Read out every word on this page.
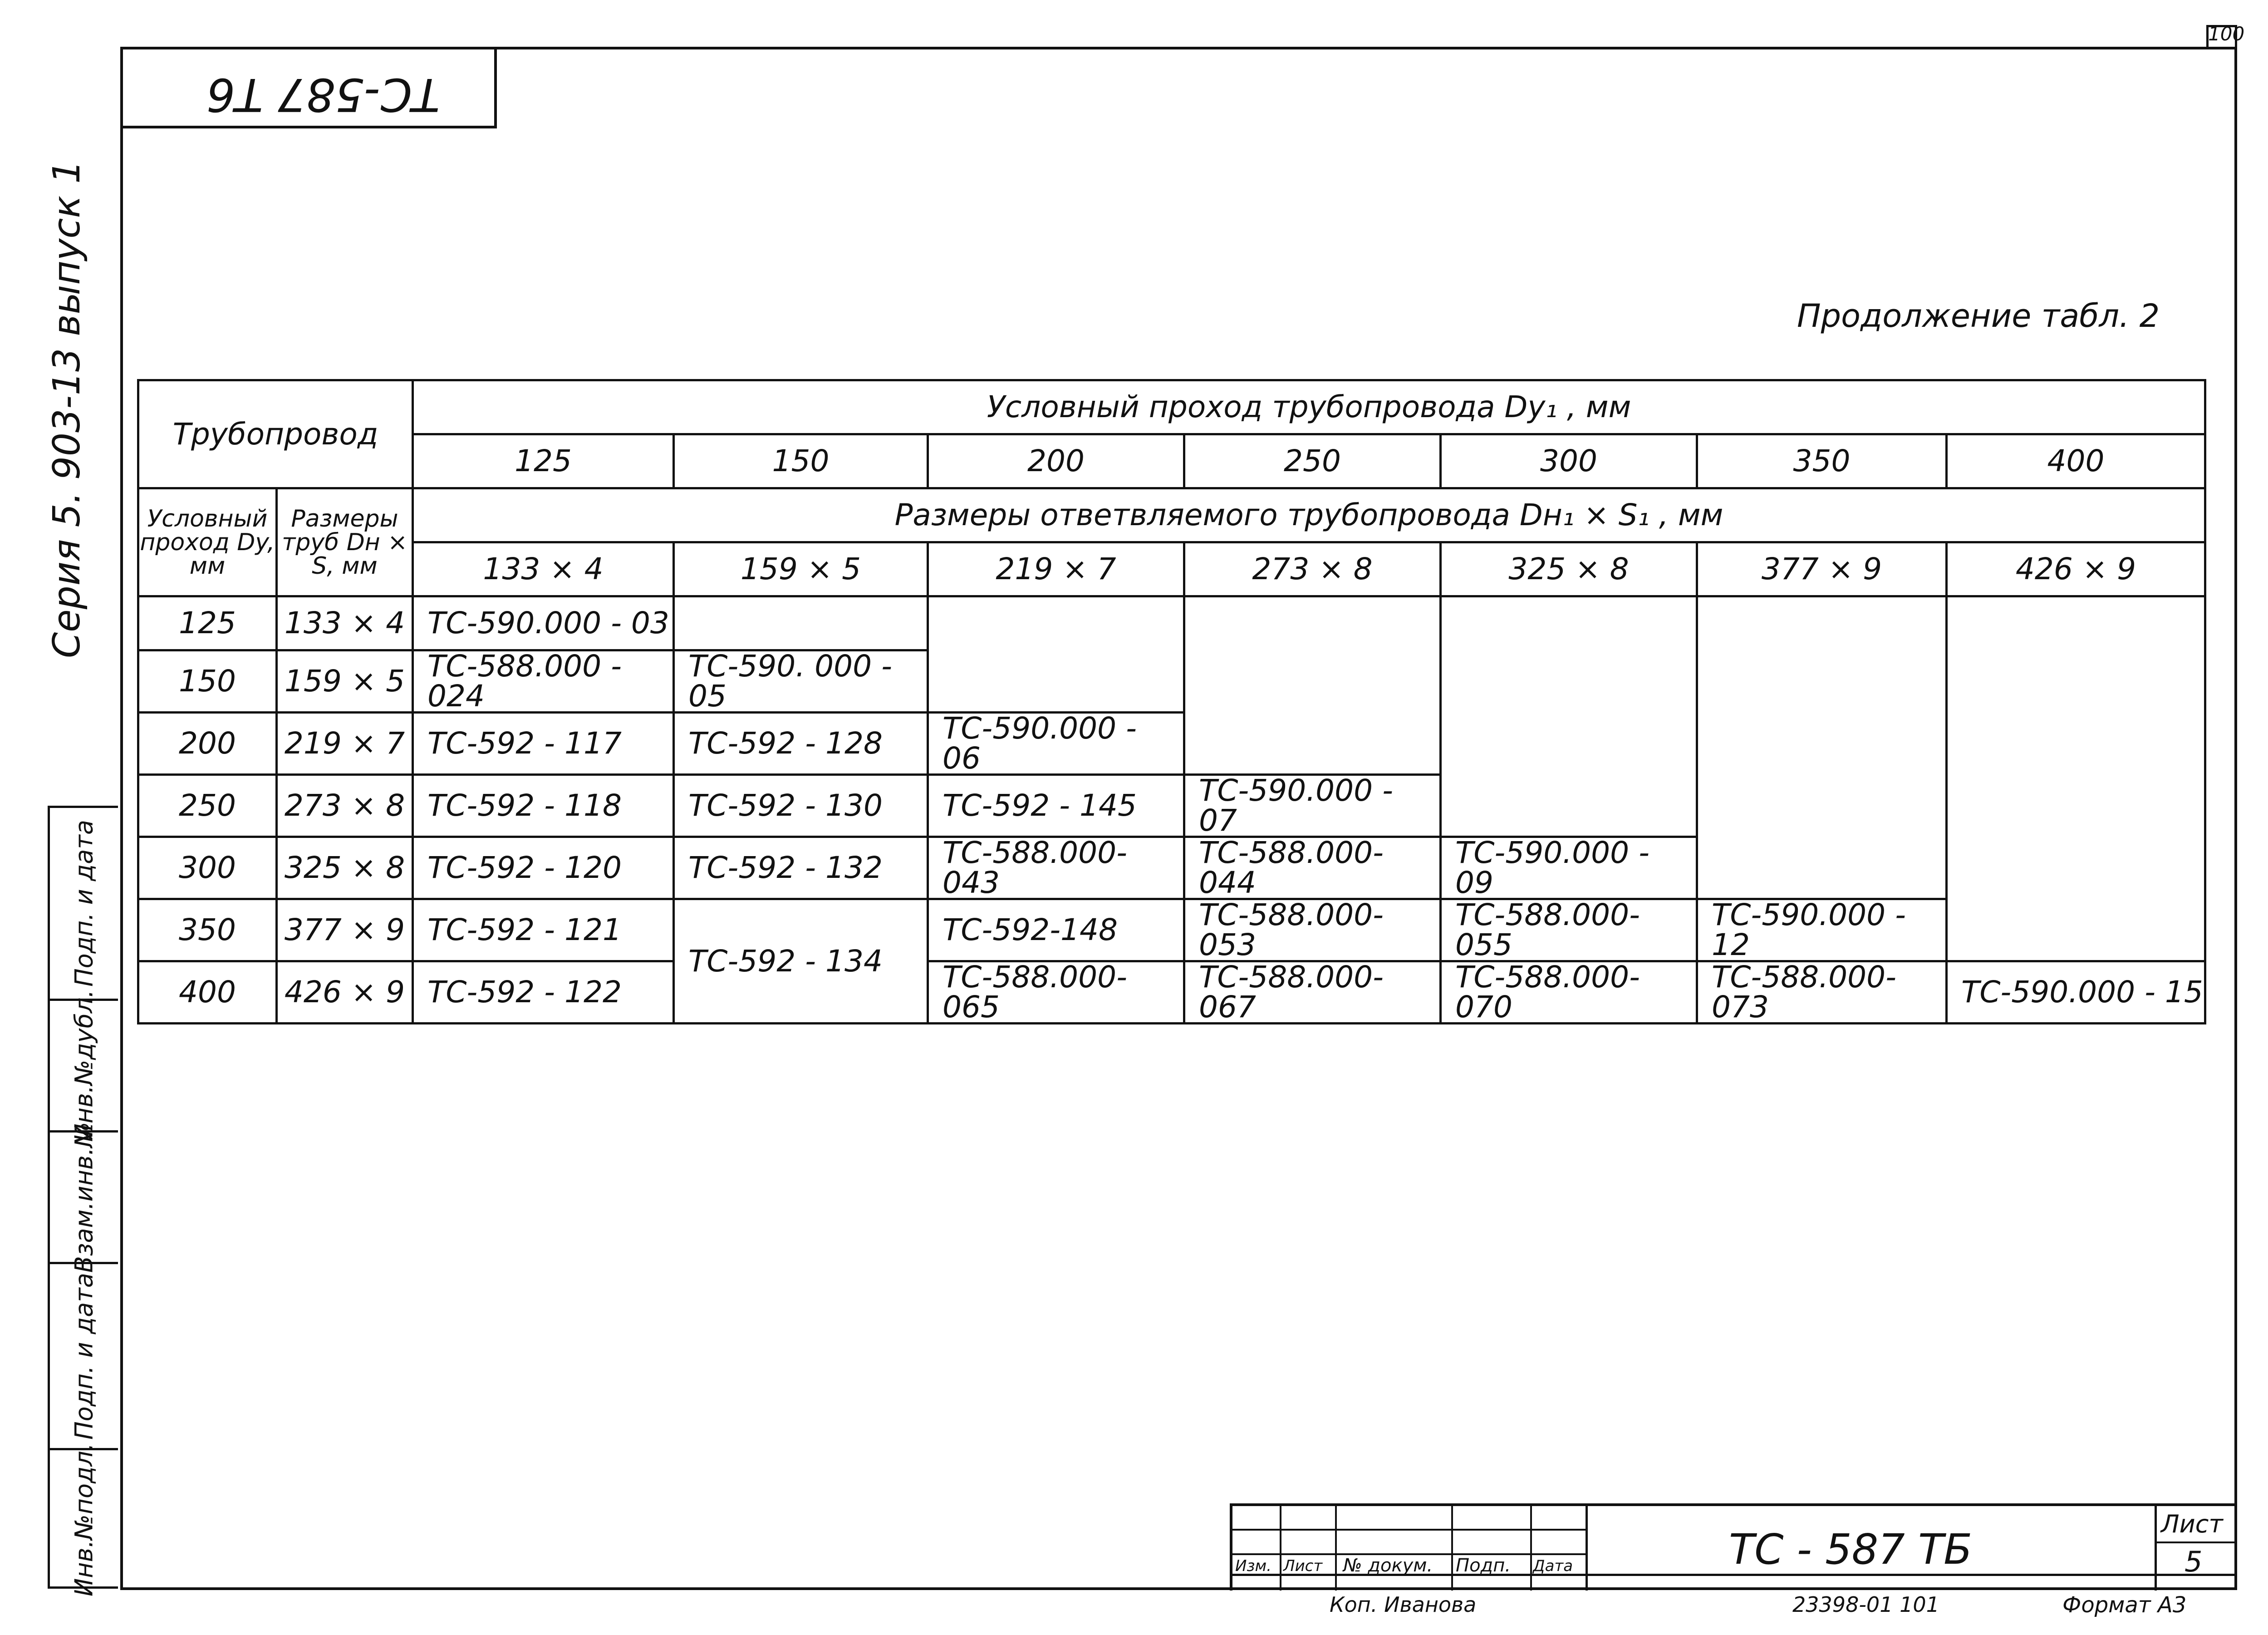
100
TC-587 T6
Серия 5. 903-13 выпуск 1
Подп. и дата
Инв.№дубл.
Взам.инв.№
Подп. и дата
Инв.№подл.
Продолжение табл. 2
Трубопровод		Условный проход трубопровода Dy₁ , мм						
		125	150	200	250	300	350	400
Условный проход Dy, мм	Размеры труб Dн × S, мм	Размеры ответвляемого трубопровода Dн₁ × S₁ , мм						
		133 × 4	159 × 5	219 × 7	273 × 8	325 × 8	377 × 9	426 × 9
125	133 × 4	ТС-590.000 - 03						
150	159 × 5	ТС-588.000 - 024	ТС-590. 000 - 05					
200	219 × 7	ТС-592 - 117	ТС-592 - 128	ТС-590.000 - 06				
250	273 × 8	ТС-592 - 118	ТС-592 - 130	ТС-592 - 145	ТС-590.000 - 07			
300	325 × 8	ТС-592 - 120	ТС-592 - 132	ТС-588.000-043	ТС-588.000-044	ТС-590.000 - 09		
350	377 × 9	ТС-592 - 121	ТС-592 - 134	ТС-592-148	ТС-588.000-053	ТС-588.000-055	ТС-590.000 - 12	
400	426 × 9	ТС-592 - 122		ТС-588.000-065	ТС-588.000-067	ТС-588.000-070	ТС-588.000-073	ТС-590.000 - 15
Изм. Лист № докум. Подп. Дата	ТС - 587 ТБ
Лист
5
Коп. Иванова	23398-01 101	Формат А3
